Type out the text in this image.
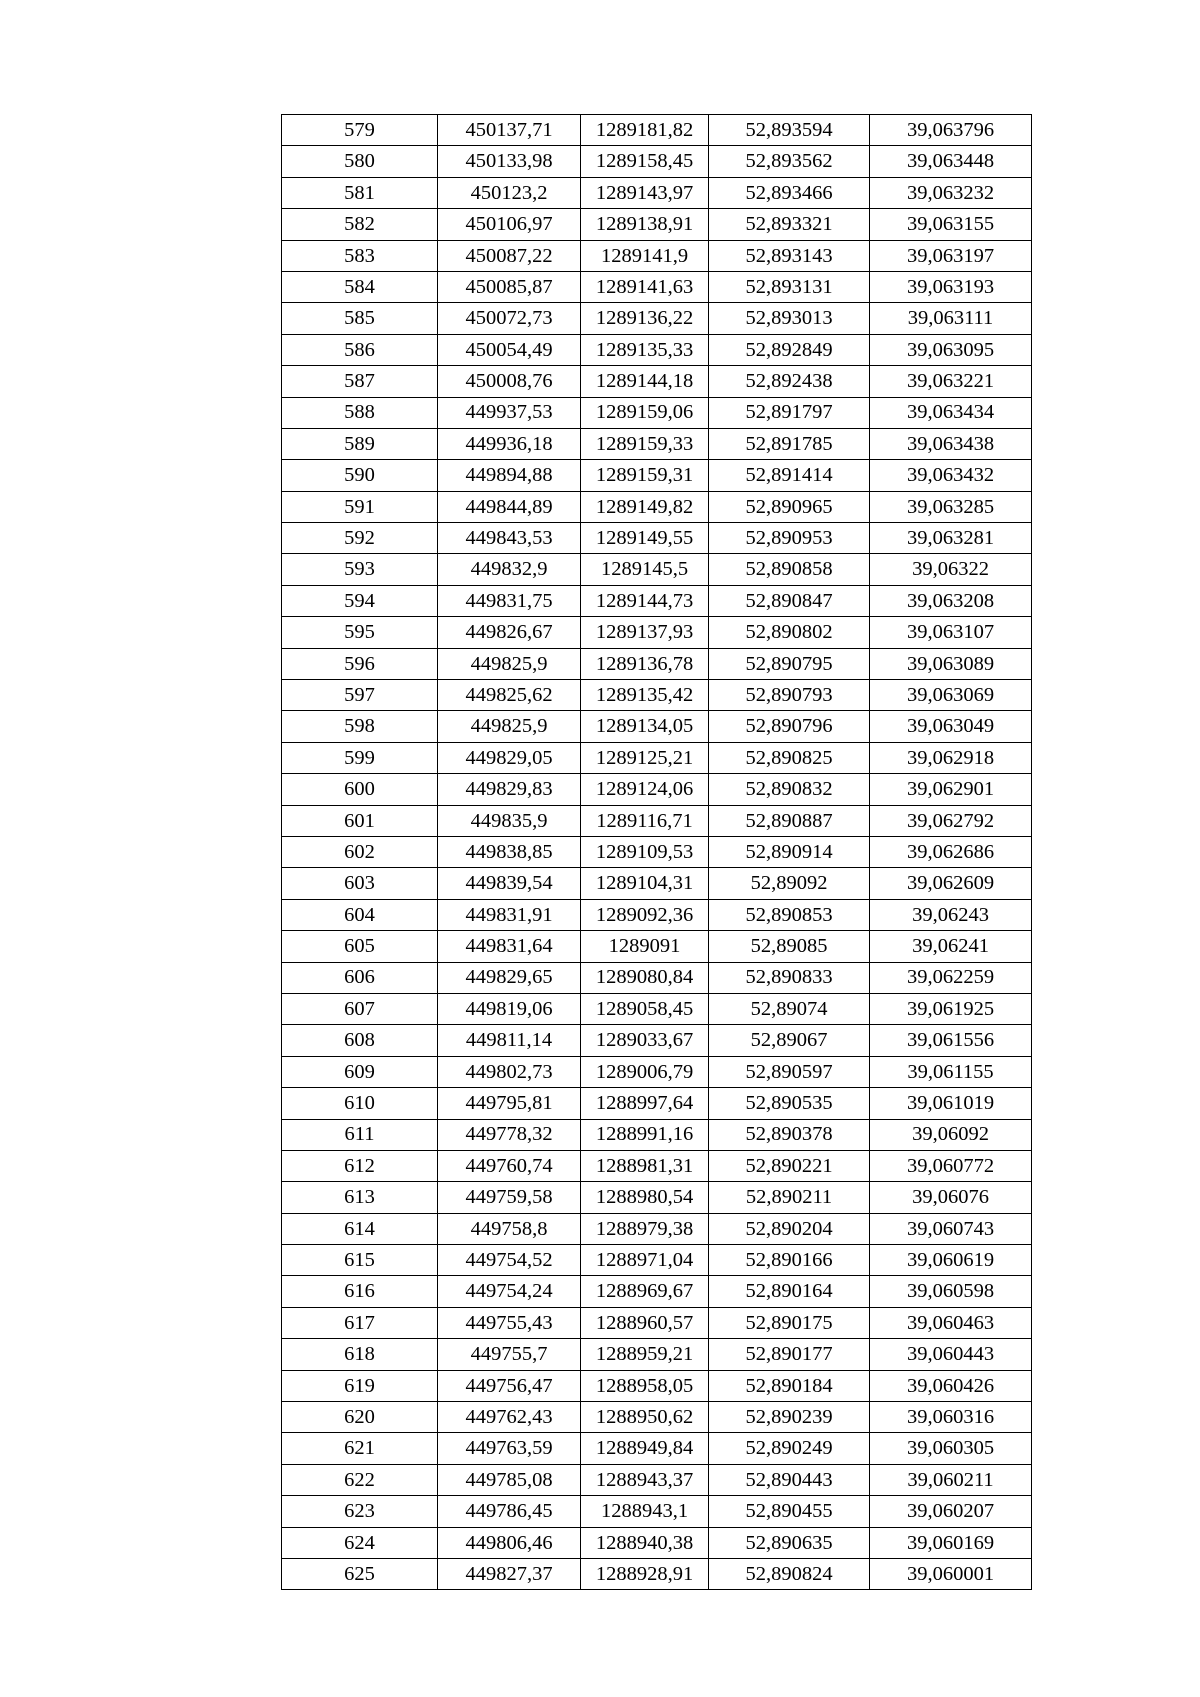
579	450137,71	1289181,82	52,893594	39,063796
580	450133,98	1289158,45	52,893562	39,063448
581	450123,2	1289143,97	52,893466	39,063232
582	450106,97	1289138,91	52,893321	39,063155
583	450087,22	1289141,9	52,893143	39,063197
584	450085,87	1289141,63	52,893131	39,063193
585	450072,73	1289136,22	52,893013	39,063111
586	450054,49	1289135,33	52,892849	39,063095
587	450008,76	1289144,18	52,892438	39,063221
588	449937,53	1289159,06	52,891797	39,063434
589	449936,18	1289159,33	52,891785	39,063438
590	449894,88	1289159,31	52,891414	39,063432
591	449844,89	1289149,82	52,890965	39,063285
592	449843,53	1289149,55	52,890953	39,063281
593	449832,9	1289145,5	52,890858	39,06322
594	449831,75	1289144,73	52,890847	39,063208
595	449826,67	1289137,93	52,890802	39,063107
596	449825,9	1289136,78	52,890795	39,063089
597	449825,62	1289135,42	52,890793	39,063069
598	449825,9	1289134,05	52,890796	39,063049
599	449829,05	1289125,21	52,890825	39,062918
600	449829,83	1289124,06	52,890832	39,062901
601	449835,9	1289116,71	52,890887	39,062792
602	449838,85	1289109,53	52,890914	39,062686
603	449839,54	1289104,31	52,89092	39,062609
604	449831,91	1289092,36	52,890853	39,06243
605	449831,64	1289091	52,89085	39,06241
606	449829,65	1289080,84	52,890833	39,062259
607	449819,06	1289058,45	52,89074	39,061925
608	449811,14	1289033,67	52,89067	39,061556
609	449802,73	1289006,79	52,890597	39,061155
610	449795,81	1288997,64	52,890535	39,061019
611	449778,32	1288991,16	52,890378	39,06092
612	449760,74	1288981,31	52,890221	39,060772
613	449759,58	1288980,54	52,890211	39,06076
614	449758,8	1288979,38	52,890204	39,060743
615	449754,52	1288971,04	52,890166	39,060619
616	449754,24	1288969,67	52,890164	39,060598
617	449755,43	1288960,57	52,890175	39,060463
618	449755,7	1288959,21	52,890177	39,060443
619	449756,47	1288958,05	52,890184	39,060426
620	449762,43	1288950,62	52,890239	39,060316
621	449763,59	1288949,84	52,890249	39,060305
622	449785,08	1288943,37	52,890443	39,060211
623	449786,45	1288943,1	52,890455	39,060207
624	449806,46	1288940,38	52,890635	39,060169
625	449827,37	1288928,91	52,890824	39,060001
